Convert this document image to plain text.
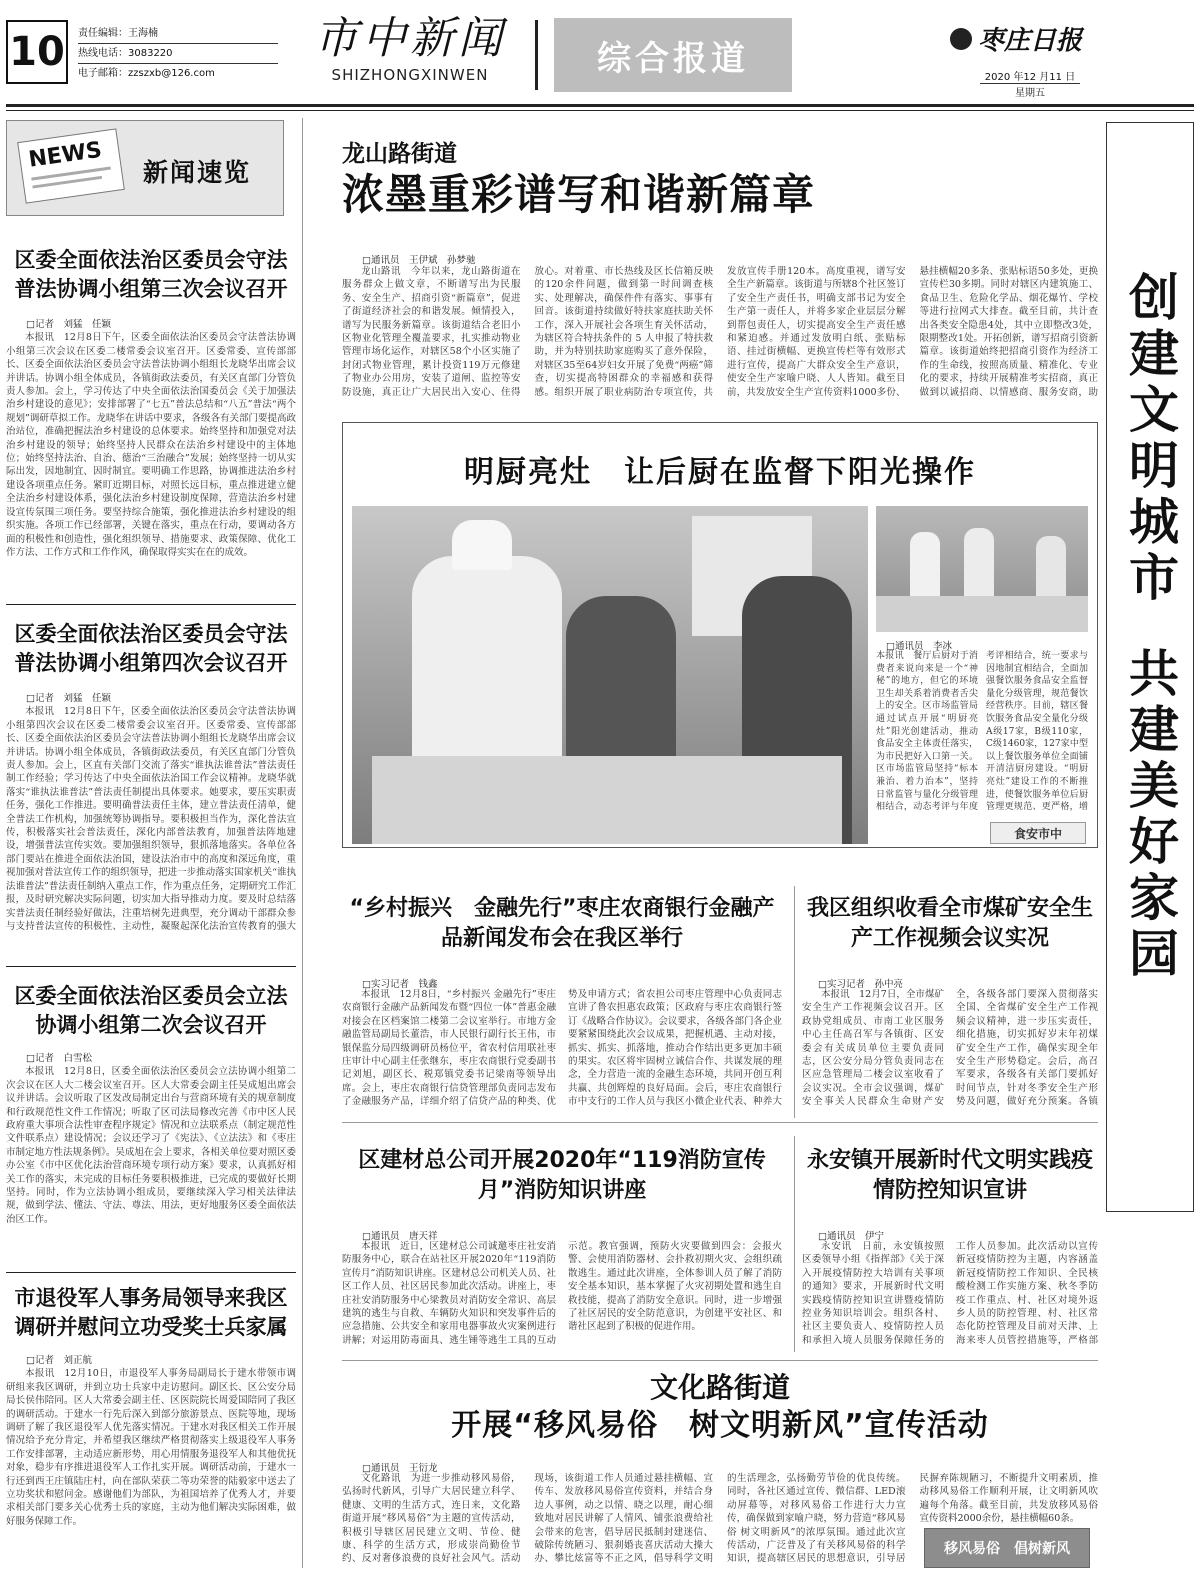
10 责任编辑：王海楠
热线电话：3083220
电子邮箱：zzszxb@126.com
市中新闻
SHIZHONGXINWEN	综合报道	枣庄日报
2020 年12 月11 日
星期五
NEWS 新闻速览
区委全面依法治区委员会守法普法协调小组第三次会议召开
□记者　刘猛　任颖

本报讯　12月8日下午，区委全面依法治区委员会守法普法协调小组第三次会议在区委二楼常委会议室召开。区委常委、宣传部部长、区委全面依法治区委员会守法普法协调小组组长龙晓华出席会议并讲话。协调小组全体成员，各镇街政法委员，有关区直部门分管负责人参加。会上，学习传达了中央全面依法治国委员会《关于加强法治乡村建设的意见》；安排部署了“七五”普法总结和“八五”普法“两个规划”调研草拟工作。龙晓华在讲话中要求，各级各有关部门要提高政治站位，准确把握法治乡村建设的总体要求。始终坚持和加强党对法治乡村建设的领导；始终坚持人民群众在法治乡村建设中的主体地位；始终坚持法治、自治、德治“三治融合”发展；始终坚持一切从实际出发，因地制宜、因时制宜。要明确工作思路，协调推进法治乡村建设各项重点任务。紧盯近期目标，对照长远目标，重点推进建立健全法治乡村建设体系，强化法治乡村建设制度保障，营造法治乡村建设宣传氛围三项任务。要坚持综合施策，强化推进法治乡村建设的组织实施。各项工作已经部署，关键在落实，重点在行动，要调动各方面的积极性和创造性，强化组织领导、措施要求、政策保障、优化工作方法、工作方式和工作作风，确保取得实实在在的成效。

区委全面依法治区委员会守法普法协调小组第四次会议召开
□记者　刘猛　任颖

本报讯　12月8日下午，区委全面依法治区委员会守法普法协调小组第四次会议在区委二楼常委会议室召开。区委常委、宣传部部长、区委全面依法治区委员会守法普法协调小组组长龙晓华出席会议并讲话。协调小组全体成员，各镇街政法委员，有关区直部门分管负责人参加。会上，区直有关部门交流了落实“谁执法谁普法”普法责任制工作经验；学习传达了中央全面依法治国工作会议精神。龙晓华就落实“谁执法谁普法”普法责任制提出具体要求。她要求，要压实职责任务，强化工作推进。要明确普法责任主体，建立普法责任清单，健全普法工作机构，加强统筹协调指导。要积极担当作为，深化普法宣传，积极落实社会普法责任，深化内部普法教育，加强普法阵地建设，增强普法宣传实效。要加强组织领导，狠抓落地落实。各单位各部门要站在推进全面依法治国，建设法治市中的高度和深远角度，重视加强对普法宣传工作的组织领导，把进一步推动落实国家机关“谁执法谁普法”普法责任制纳入重点工作，作为重点任务，定期研究工作汇报，及时研究解决实际问题，切实加大指导推动力度。要及时总结落实普法责任制经验好做法，注重培树先进典型，充分调动干部群众参与支持普法宣传的积极性、主动性，凝聚起深化法治宣传教育的强大

区委全面依法治区委员会立法协调小组第二次会议召开
□记者　白雪松

本报讯　12月8日，区委全面依法治区委员会立法协调小组第二次会议在区人大二楼会议室召开。区人大常委会副主任吴成旭出席会议并讲话。会议听取了区发改局制定出台与营商环境有关的规章制度和行政规范性文件工作情况；听取了区司法局修改完善《市中区人民政府重大事项合法性审查程序规定》情况和立法联系点（制定规范性文件联系点）建设情况；会议还学习了《宪法》、《立法法》和《枣庄市制定地方性法规条例》。吴成旭在会上要求，各相关单位要对照区委办公室《市中区优化法治营商环境专项行动方案》要求，认真抓好相关工作的落实，未完成的目标任务要积极推进，已完成的要做好长期坚持。同时，作为立法协调小组成员，要继续深入学习相关法律法规，做到学法、懂法、守法、尊法、用法，更好地服务区委全面依法治区工作。

市退役军人事务局领导来我区调研并慰问立功受奖士兵家属
□记者　刘正航

本报讯　12月10日，市退役军人事务局副局长于建水带领市调研组来我区调研，并到立功士兵家中走访慰问。副区长、区公安分局局长侯伟陪同。区人大常委会副主任、区医院院长周爱国陪同了我区的调研活动。于建水一行先后深入到部分旅游景点、医院等地，现场调研了解了我区退役军人优先落实情况。于建水对我区相关工作开展情况给予充分肯定，并希望我区继续严格贯彻落实上级退役军人事务工作安排部署，主动适应新形势，用心用情服务退役军人和其他优抚对象，稳步有序推进退役军人工作扎实开展。调研活动前，于建水一行还到西王庄镇陆庄村，向在部队荣获二等功荣誉的陆毅家中送去了立功奖状和慰问金。感谢他们为部队，为祖国培养了优秀人才，并要求相关部门要多关心优秀士兵的家庭，主动为他们解决实际困难，做好服务保障工作。

龙山路街道
浓墨重彩谱写和谐新篇章
□通讯员　王伊斌　孙梦驰

龙山路讯　今年以来，龙山路街道在服务群众上做文章，不断谱写出为民服务、安全生产、招商引资“新篇章”，促进了街道经济社会的和谐发展。倾情投入，谱写为民服务新篇章。该街道结合老旧小区物业化管理全覆盖要求，扎实推动物业管理市场化运作，对辖区58个小区实施了封闭式物业管理，累计投资119万元修建了物业办公用房，安装了道闸、监控等安防设施，真正让广大居民出入安心、住得放心。对着重、市长热线及区长信箱反映的120余件问题，做到第一时间调查核实、处理解决，确保件件有落实、事事有回音。该街道持续做好特扶家庭扶助关怀工作，深入开展社会各项生育关怀活动，为辖区符合特扶条件的 5 人申报了特扶救助，并为特别扶助家庭购买了意外保险，对辖区35至64岁妇女开展了免费“两癌”筛查，切实提高特困群众的幸福感和获得感。组织开展了职业病防治专项宣传，共发放宣传手册120本。高度重视，谱写安全生产新篇章。该街道与所辖8个社区签订了安全生产责任书，明确支部书记为安全生产第一责任人，并将多家企业层层分解到帮包责任人，切实提高安全生产责任感和紧迫感。并通过发放明白纸、张贴标语、挂过街横幅、更换宣传栏等有效形式进行宣传，提高广大群众安全生产意识，使安全生产家喻户晓、人人皆知。截至目前，共发放安全生产宣传资料1000多份、悬挂横幅20多条、张贴标语50多处，更换宣传栏30多期。同时对辖区内建筑施工、食品卫生、危险化学品、烟花爆竹、学校等进行拉网式大排查。截至目前，共计查出各类安全隐患4处，其中立即整改3处，限期整改1处。开拓创新，谱写招商引资新篇章。该街道始终把招商引资作为经济工作的生命线，按照高质量、精准化、专业化的要求，持续开展精准考实招商，真正做到以诚招商、以情感商、服务安商，助

明厨亮灶　让后厨在监督下阳光操作
□通讯员　李冰

本报讯　餐厅后厨对于消费者来说向来是一个“神秘”的地方，但它的环境卫生却关系着消费者舌尖上的安全。区市场监管局通过试点开展“明厨亮灶”阳光创建活动，推动食品安全主体责任落实，为市民把好入口第一关。区市场监管局坚持“标本兼治、着力治本”，坚持日常监管与量化分级管理相结合，动态考评与年度考评相结合，统一要求与因地制宜相结合，全面加强餐饮服务食品安全监督量化分级管理，规范餐饮经营秩序。目前，辖区餐饮服务食品安全量化分级A级17家，B级110家，C级1460家，127家中型以上餐饮服务单位全面铺开清洁厨房建设。“明厨亮灶”建设工作的不断推进，使餐饮服务单位后厨管理更规范、更严格，增

食安市中
“乡村振兴　金融先行”枣庄农商银行金融产品新闻发布会在我区举行
□实习记者　钱鑫

本报讯　12月8日，“乡村振兴 金融先行”枣庄农商银行金融产品新闻发布暨“四位一体”普惠金融对接会在区档案馆二楼第二会议室举行。市地方金融监管局副局长董浩，市人民银行副行长王伟，市银保监分局四级调研员杨位平，省农村信用联社枣庄审计中心副主任张继东，枣庄农商银行党委副书记刘旭，副区长、税郑镇党委书记梁南等领导出席。会上，枣庄农商银行信贷管理部负责同志发布了金融服务产品，详细介绍了信贷产品的种类、优势及申请方式；省农担公司枣庄管理中心负责同志宣讲了鲁农担惠农政策；区政府与枣庄农商银行签订《战略合作协议》。会议要求，各级各部门各企业要紧紧围绕此次会议成果，把握机遇、主动对接，抓实、抓实、抓落地，推动合作结出更多更加丰硕的果实。农区将牢固树立诚信合作、共谋发展的理念，全力营造一流的金融生态环境，共同开创互利共赢、共创辉煌的良好局面。会后，枣庄农商银行市中支行的工作人员与我区小微企业代表、种养大

我区组织收看全市煤矿安全生产工作视频会议实况
□实习记者　孙中亮

本报讯　12月7日，全市煤矿安全生产工作视频会议召开。区政协党组成员、市南工业区服务中心主任高召军与各镇街、区安委会有关成员单位主要负责同志，区公安分局分管负责同志在区应急管理局二楼会议室收看了会议实况。全市会议强调，煤矿安全事关人民群众生命财产安全，各级各部门要深入贯彻落实全国、全省煤矿安全生产工作视频会议精神，进一步压实责任，细化措施，切实抓好岁末年初煤矿安全生产工作，确保实现全年安全生产形势稳定。会后，高召军要求，各级各有关部门要抓好时间节点，针对冬季安全生产形势及问题，做好充分预案。各镇

区建材总公司开展2020年“119消防宣传月”消防知识讲座
□通讯员　唐天祥

本报讯　近日，区建材总公司诚邀枣庄社安消防服务中心，联合在站社区开展2020年“119消防宣传月”消防知识讲座。区建材总公司机关人员、社区工作人员、社区居民参加此次活动。讲座上，枣庄社安消防服务中心梁教员对消防安全常识、高层建筑的逃生与自救、车辆防火知识和突发事件后的应急措施、公共安全和家用电器事故火灾案例进行讲解；对运用防毒面具、逃生锤等逃生工具的互动示范。教官强调，预防火灾要做到四会：会报火警、会使用消防器材、会扑救初期火灾、会组织疏散逃生。通过此次讲座，全体参训人员了解了消防安全基本知识，基本掌握了火灾初期处置和逃生自救技能，提高了消防安全意识。同时，进一步增强了社区居民的安全防范意识，为创建平安社区、和谐社区起到了积极的促进作用。

永安镇开展新时代文明实践疫情防控知识宣讲
□通讯员　伊宁

永安讯　日前，永安镇按照区委领导小组《指挥部》《关于深入开展疫情防控大培训有关事项的通知》要求，开展新时代文明实践疫情防控知识宣讲暨疫情防控业务知识培训会。组织各村、社区主要负责人、疫情防控人员和承担入境人员服务保障任务的工作人员参加。此次活动以宣传新冠疫情防控为主题，内容涵盖新冠疫情防控工作知识、全民核酸检测工作实施方案、秋冬季防疫工作重点、村、社区对境外返乡人员的防控管理、村、社区常态化防控管理及目前对天津、上海来枣人员管控措施等，严格部

文化路街道
开展“移风易俗　树文明新风”宣传活动
□通讯员　王衍龙

文化路讯　为进一步推动移风易俗，弘扬时代新风，引导广大居民建立科学、健康、文明的生活方式，连日来，文化路街道开展“移风易俗”为主题的宣传活动，积极引导辖区居民建立文明、节俭、健康、科学的生活方式，形成崇尚勤俭节约、反对奢侈浪费的良好社会风气。活动现场，该街道工作人员通过悬挂横幅、宣传车、发放移风易俗宣传资料，并结合身边人事例，动之以情、晓之以理，耐心细致地对居民讲解了人情风、铺张浪费给社会带来的危害，倡导居民抵制封建迷信、破除传统陋习、狠刹婚丧喜庆活动大操大办、攀比炫富等不正之风，倡导科学文明的生活理念，弘扬勤劳节俭的优良传统。同时，各社区通过宣传、微信群、LED滚动屏幕等，对移风易俗工作进行大力宣传，确保做到家喻户晓，努力营造“移风易俗 树文明新风”的浓厚氛围。通过此次宣传活动，广泛普及了有关移风易俗的科学知识，提高辖区居民的思想意识，引导居民摒弃陈规陋习，不断提升文明素质，推动移风易俗工作顺利开展，让文明新风吹遍每个角落。截至目前，共发放移风易俗宣传资料2000余份，悬挂横幅60条。

移风易俗　倡树新风
创建文明城市
共建美好家园
